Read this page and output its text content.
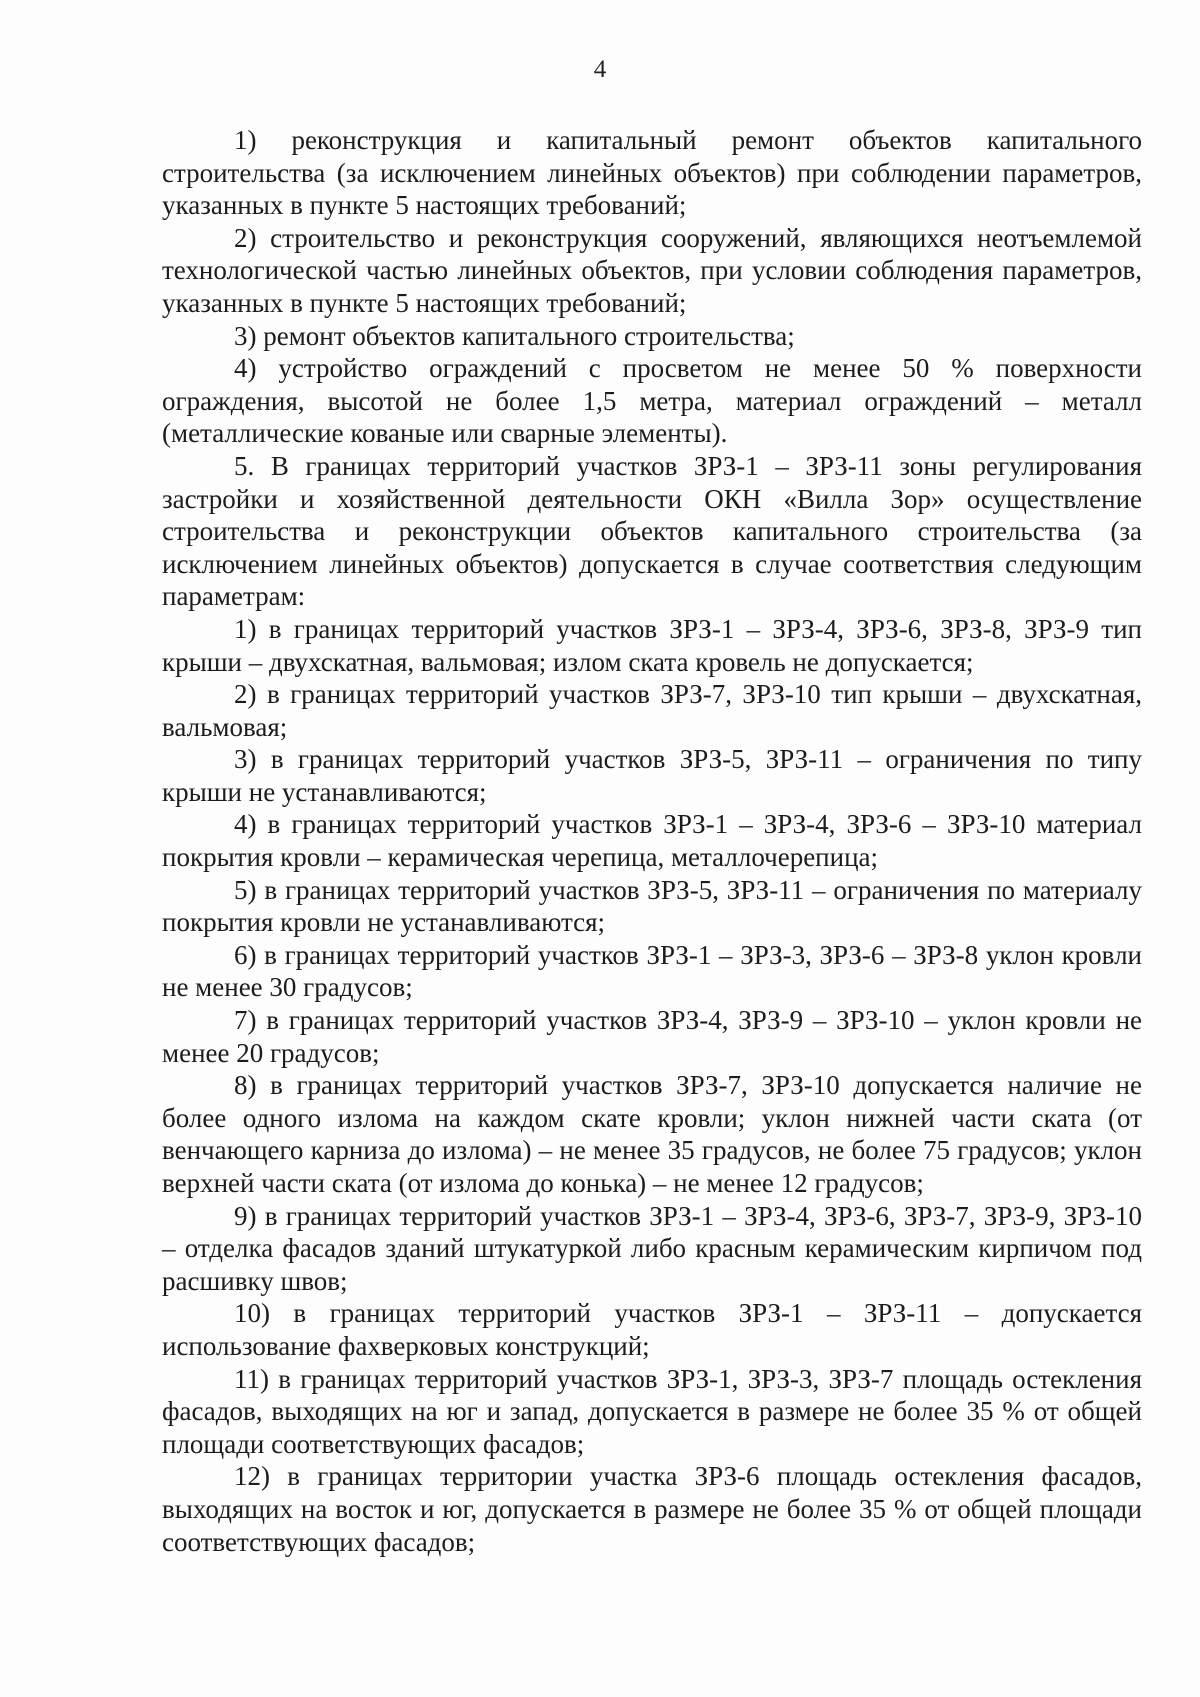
4

1) реконструкция и капитальный ремонт объектов капитального строительства (за исключением линейных объектов) при соблюдении параметров, указанных в пункте 5 настоящих требований;

2) строительство и реконструкция сооружений, являющихся неотъемлемой технологической частью линейных объектов, при условии соблюдения параметров, указанных в пункте 5 настоящих требований;

3) ремонт объектов капитального строительства;

4) устройство ограждений с просветом не менее 50 % поверхности ограждения, высотой не более 1,5 метра, материал ограждений – металл (металлические кованые или сварные элементы).

5. В границах территорий участков ЗРЗ-1 – ЗРЗ-11 зоны регулирования застройки и хозяйственной деятельности ОКН «Вилла Зор» осуществление строительства и реконструкции объектов капитального строительства (за исключением линейных объектов) допускается в случае соответствия следующим параметрам:

1) в границах территорий участков ЗРЗ-1 – ЗРЗ-4, ЗРЗ-6, ЗРЗ-8, ЗРЗ-9 тип крыши – двухскатная, вальмовая; излом ската кровель не допускается;

2) в границах территорий участков ЗРЗ-7, ЗРЗ-10 тип крыши – двухскатная, вальмовая;

3) в границах территорий участков ЗРЗ-5, ЗРЗ-11 – ограничения по типу крыши не устанавливаются;

4) в границах территорий участков ЗРЗ-1 – ЗРЗ-4, ЗРЗ-6 – ЗРЗ-10 материал покрытия кровли – керамическая черепица, металлочерепица;

5) в границах территорий участков ЗРЗ-5, ЗРЗ-11 – ограничения по материалу покрытия кровли не устанавливаются;

6) в границах территорий участков ЗРЗ-1 – ЗРЗ-3, ЗРЗ-6 – ЗРЗ-8 уклон кровли не менее 30 градусов;

7) в границах территорий участков ЗРЗ-4, ЗРЗ-9 – ЗРЗ-10 – уклон кровли не менее 20 градусов;

8) в границах территорий участков ЗРЗ-7, ЗРЗ-10 допускается наличие не более одного излома на каждом скате кровли; уклон нижней части ската (от венчающего карниза до излома) – не менее 35 градусов, не более 75 градусов; уклон верхней части ската (от излома до конька) – не менее 12 градусов;

9) в границах территорий участков ЗРЗ-1 – ЗРЗ-4, ЗРЗ-6, ЗРЗ-7, ЗРЗ-9, ЗРЗ-10 – отделка фасадов зданий штукатуркой либо красным керамическим кирпичом под расшивку швов;

10) в границах территорий участков ЗРЗ-1 – ЗРЗ-11 – допускается использование фахверковых конструкций;

11) в границах территорий участков ЗРЗ-1, ЗРЗ-3, ЗРЗ-7 площадь остекления фасадов, выходящих на юг и запад, допускается в размере не более 35 % от общей площади соответствующих фасадов;

12) в границах территории участка ЗРЗ-6 площадь остекления фасадов, выходящих на восток и юг, допускается в размере не более 35 % от общей площади соответствующих фасадов;
